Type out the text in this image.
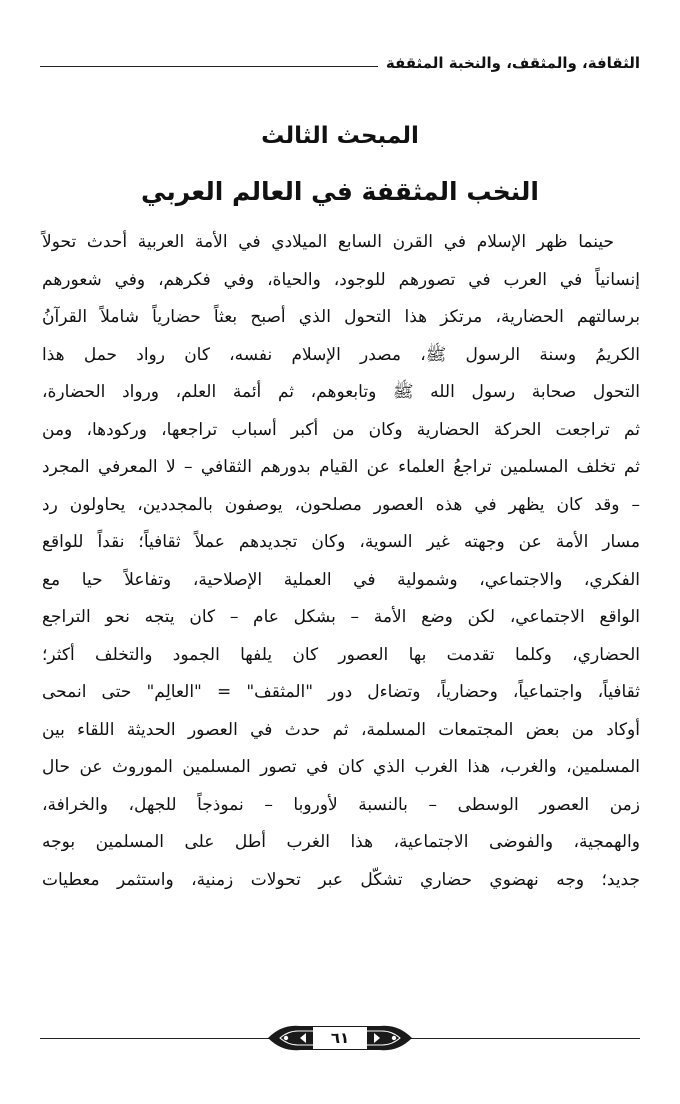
الثقافة، والمثقف، والنخبة المثقفة
المبحث الثالث
النخب المثقفة في العالم العربي
حينما ظهر الإسلام في القرن السابع الميلادي في الأمة العربية أحدث تحولاً
إنسانياً في العرب في تصورهم للوجود، والحياة، وفي فكرهم، وفي شعورهم
برسالتهم الحضارية، مرتكز هذا التحول الذي أصبح بعثاً حضارياً شاملاً القرآنُ
الكريمُ وسنة الرسول ﷺ، مصدر الإسلام نفسه، كان رواد حمل هذا
التحول صحابة رسول الله ﷺ وتابعوهم، ثم أئمة العلم، ورواد الحضارة،
ثم تراجعت الحركة الحضارية وكان من أكبر أسباب تراجعها، وركودها، ومن
ثم تخلف المسلمين تراجعُ العلماء عن القيام بدورهم الثقافي – لا المعرفي المجرد
– وقد كان يظهر في هذه العصور مصلحون، يوصفون بالمجددين، يحاولون رد
مسار الأمة عن وجهته غير السوية، وكان تجديدهم عملاً ثقافياً؛ نقداً للواقع
الفكري، والاجتماعي، وشمولية في العملية الإصلاحية، وتفاعلاً حيا مع
الواقع الاجتماعي، لكن وضع الأمة – بشكل عام – كان يتجه نحو التراجع
الحضاري، وكلما تقدمت بها العصور كان يلفها الجمود والتخلف أكثر؛
ثقافياً، واجتماعياً، وحضارياً، وتضاءل دور "المثقف" = "العالِم" حتى انمحى
أوكاد من بعض المجتمعات المسلمة، ثم حدث في العصور الحديثة اللقاء بين
المسلمين، والغرب، هذا الغرب الذي كان في تصور المسلمين الموروث عن حال
زمن العصور الوسطى – بالنسبة لأوروبا – نموذجاً للجهل، والخرافة،
والهمجية، والفوضى الاجتماعية، هذا الغرب أطل على المسلمين بوجه
جديد؛ وجه نهضوي حضاري تشكّل عبر تحولات زمنية، واستثمر معطيات
٦١
